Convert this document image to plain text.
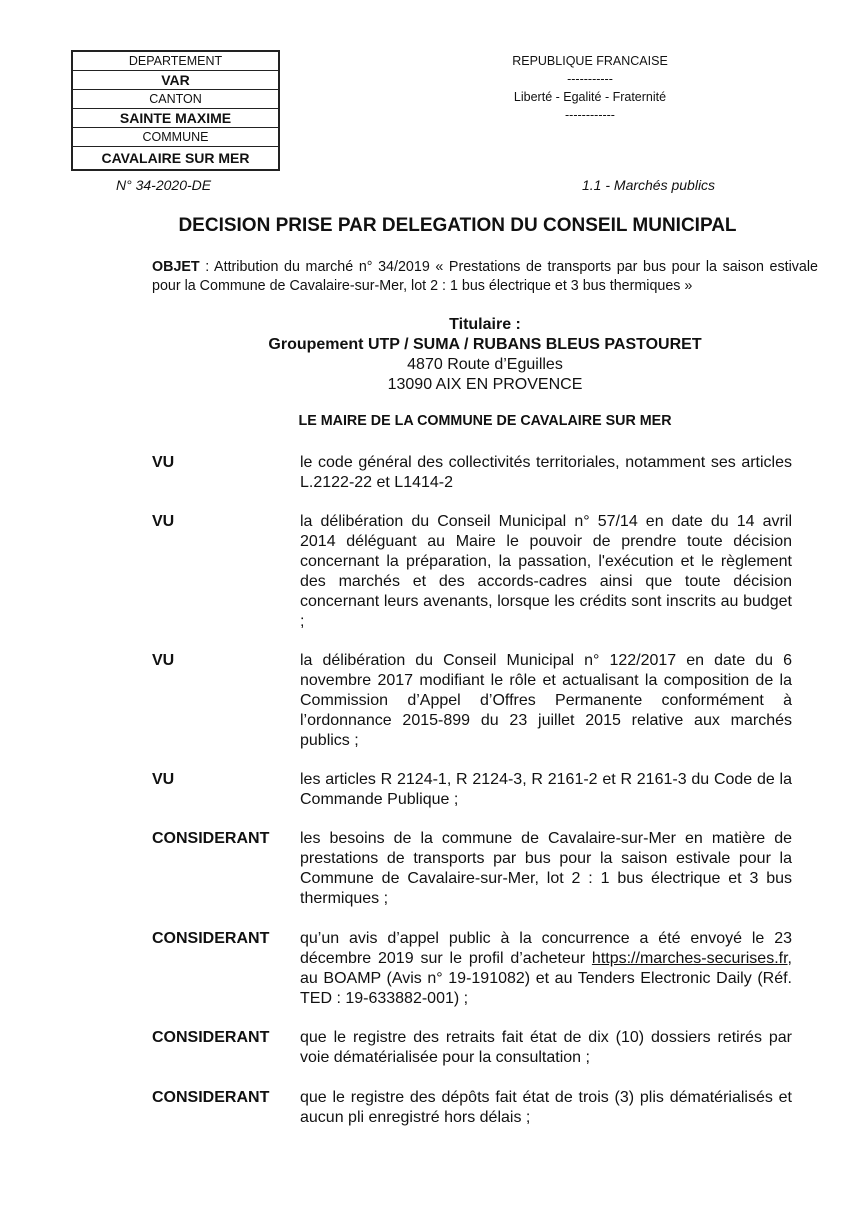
DEPARTEMENT
VAR
CANTON
SAINTE MAXIME
COMMUNE
CAVALAIRE SUR MER
REPUBLIQUE FRANCAISE
-----------
Liberté - Egalité - Fraternité
------------
N° 34-2020-DE	1.1 - Marchés publics
DECISION PRISE PAR DELEGATION DU CONSEIL MUNICIPAL
OBJET : Attribution du marché n° 34/2019 « Prestations de transports par bus pour la saison estivale pour la Commune de Cavalaire-sur-Mer, lot 2 : 1 bus électrique et 3 bus thermiques »
Titulaire :
Groupement UTP / SUMA / RUBANS BLEUS PASTOURET
4870 Route d’Eguilles
13090 AIX EN PROVENCE
LE MAIRE DE LA COMMUNE DE CAVALAIRE SUR MER
VU	le code général des collectivités territoriales, notamment ses articles L.2122-22 et L1414-2
VU	la délibération du Conseil Municipal n° 57/14 en date du 14 avril 2014 déléguant au Maire le pouvoir de prendre toute décision concernant la préparation, la passation, l'exécution et le règlement des marchés et des accords-cadres ainsi que toute décision concernant leurs avenants, lorsque les crédits sont inscrits au budget ;
VU	la délibération du Conseil Municipal n° 122/2017 en date du 6 novembre 2017 modifiant le rôle et actualisant la composition de la Commission d’Appel d’Offres Permanente conformément à l’ordonnance 2015-899 du 23 juillet 2015 relative aux marchés publics ;
VU	les articles R 2124-1, R 2124-3, R 2161-2 et R 2161-3 du Code de la Commande Publique ;
CONSIDERANT les besoins de la commune de Cavalaire-sur-Mer en matière de prestations de transports par bus pour la saison estivale pour la Commune de Cavalaire-sur-Mer, lot 2 : 1 bus électrique et 3 bus thermiques ;
CONSIDERANT qu’un avis d’appel public à la concurrence a été envoyé le 23 décembre 2019 sur le profil d’acheteur https://marches-securises.fr, au BOAMP (Avis n° 19-191082) et au Tenders Electronic Daily (Réf. TED : 19-633882-001) ;
CONSIDERANT que le registre des retraits fait état de dix (10) dossiers retirés par voie dématérialisée pour la consultation ;
CONSIDERANT que le registre des dépôts fait état de trois (3) plis dématérialisés et aucun pli enregistré hors délais ;
